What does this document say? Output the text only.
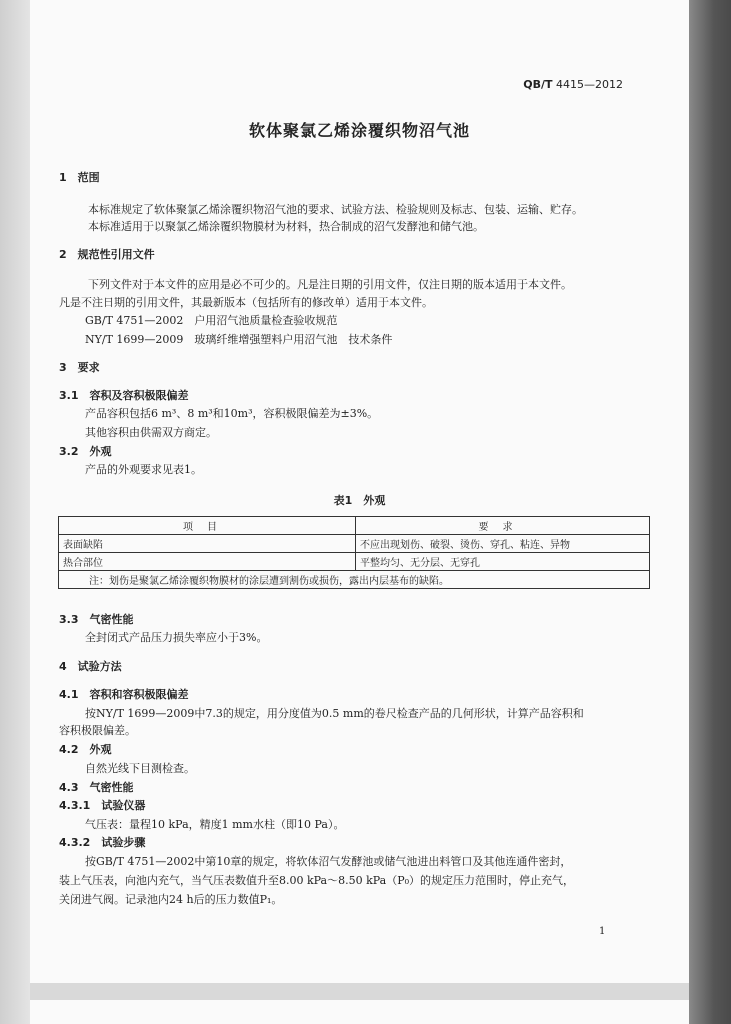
QB/T 4415—2012
软体聚氯乙烯涂覆织物沼气池
1　范围
本标准规定了软体聚氯乙烯涂覆织物沼气池的要求、试验方法、检验规则及标志、包装、运输、贮存。
本标准适用于以聚氯乙烯涂覆织物膜材为材料，热合制成的沼气发酵池和储气池。
2　规范性引用文件
下列文件对于本文件的应用是必不可少的。凡是注日期的引用文件，仅注日期的版本适用于本文件。
凡是不注日期的引用文件，其最新版本（包括所有的修改单）适用于本文件。
GB/T 4751—2002　户用沼气池质量检查验收规范
NY/T 1699—2009　玻璃纤维增强塑料户用沼气池　技术条件
3　要求
3.1　容积及容积极限偏差
产品容积包括6 m³、8 m³和10m³，容积极限偏差为±3%。
其他容积由供需双方商定。
3.2　外观
产品的外观要求见表1。
表1　外观
项目	要求
表面缺陷	不应出现划伤、破裂、烫伤、穿孔、粘连、异物
热合部位	平整均匀、无分层、无穿孔
注：划伤是聚氯乙烯涂覆织物膜材的涂层遭到割伤或损伤，露出内层基布的缺陷。	
3.3　气密性能
全封闭式产品压力损失率应小于3%。
4　试验方法
4.1　容积和容积极限偏差
按NY/T 1699—2009中7.3的规定，用分度值为0.5 mm的卷尺检查产品的几何形状，计算产品容积和
容积极限偏差。
4.2　外观
自然光线下目测检查。
4.3　气密性能
4.3.1　试验仪器
气压表：量程10 kPa，精度1 mm水柱（即10 Pa）。
4.3.2　试验步骤
按GB/T 4751—2002中第10章的规定，将软体沼气发酵池或储气池进出料管口及其他连通件密封，
装上气压表，向池内充气，当气压表数值升至8.00 kPa～8.50 kPa（P₀）的规定压力范围时，停止充气，
关闭进气阀。记录池内24 h后的压力数值P₁。
1
